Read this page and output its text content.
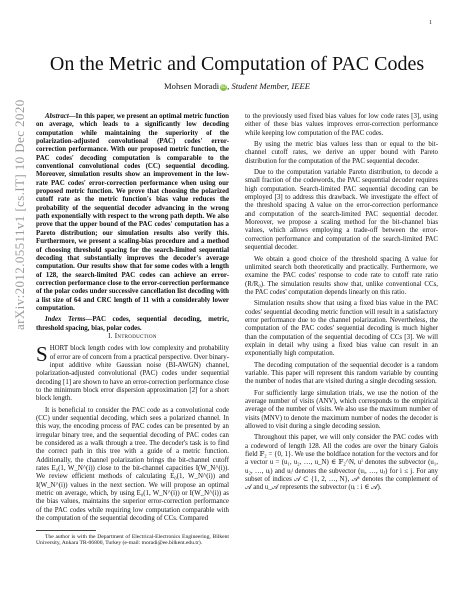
1
arXiv:2012.05511v1 [cs.IT] 10 Dec 2020
On the Metric and Computation of PAC Codes
Mohsen Moradi iD, Student Member, IEEE

Abstract—In this paper, we present an optimal metric function on average, which leads to a significantly low decoding computation while maintaining the superiority of the polarization-adjusted convolutional (PAC) codes' error-correction performance. With our proposed metric function, the PAC codes' decoding computation is comparable to the conventional convolutional codes (CC) sequential decoding. Moreover, simulation results show an improvement in the low-rate PAC codes' error-correction performance when using our proposed metric function. We prove that choosing the polarized cutoff rate as the metric function's bias value reduces the probability of the sequential decoder advancing in the wrong path exponentially with respect to the wrong path depth. We also prove that the upper bound of the PAC codes' computation has a Pareto distribution; our simulation results also verify this. Furthermore, we present a scaling-bias procedure and a method of choosing threshold spacing for the search-limited sequential decoding that substantially improves the decoder's average computation. Our results show that for some codes with a length of 128, the search-limited PAC codes can achieve an error-correction performance close to the error-correction performance of the polar codes under successive cancellation list decoding with a list size of 64 and CRC length of 11 with a considerably lower computation.

Index Terms—PAC codes, sequential decoding, metric, threshold spacing, bias, polar codes.

I. Introduction

SHORT block length codes with low complexity and probability of error are of concern from a practical perspective. Over binary-input additive white Gaussian noise (BI-AWGN) channel, polarization-adjusted convolutional (PAC) codes under sequential decoding [1] are shown to have an error-correction performance close to the minimum block error dispersion approximation [2] for a short block length.

It is beneficial to consider the PAC code as a convolutional code (CC) under sequential decoding, which sees a polarized channel. In this way, the encoding process of PAC codes can be presented by an irregular binary tree, and the sequential decoding of PAC codes can be considered as a walk through a tree. The decoder's task is to find the correct path in this tree with a guide of a metric function. Additionally, the channel polarization brings the bit-channel cutoff rates E₀(1, W_N^(i)) close to the bit-channel capacities I(W_N^(i)). We review efficient methods of calculating E₀(1, W_N^(i)) and I(W_N^(i)) values in the next section. We will propose an optimal metric on average, which, by using E₀(1, W_N^(i)) or I(W_N^(i)) as the bias values, maintains the superior error-correction performance of the PAC codes while requiring low computation comparable with the computation of the sequential decoding of CCs. Compared

The author is with the Department of Electrical-Electronics Engineering, Bilkent University, Ankara TR-06800, Turkey (e-mail: moradi@ee.bilkent.edu.tr).

to the previously used fixed bias values for low code rates [3], using either of these bias values improves error-correction performance while keeping low computation of the PAC codes.

By using the metric bias values less than or equal to the bit-channel cutoff rates, we derive an upper bound with Pareto distribution for the computation of the PAC sequential decoder.

Due to the computation variable Pareto distribution, to decode a small fraction of the codewords, the PAC sequential decoder requires high computation. Search-limited PAC sequential decoding can be employed [3] to address this drawback. We investigate the effect of the threshold spacing Δ value on the error-correction performance and computation of the search-limited PAC sequential decoder. Moreover, we propose a scaling method for the bit-channel bias values, which allows employing a trade-off between the error-correction performance and computation of the search-limited PAC sequential decoder.

We obtain a good choice of the threshold spacing Δ value for unlimited search both theoretically and practically. Furthermore, we examine the PAC codes' response to code rate to cutoff rate ratio (R/R₀). The simulation results show that, unlike conventional CCs, the PAC codes' computation depends linearly on this ratio.

Simulation results show that using a fixed bias value in the PAC codes' sequential decoding metric function will result in a satisfactory error performance due to the channel polarization. Nevertheless, the computation of the PAC codes' sequential decoding is much higher than the computation of the sequential decoding of CCs [3]. We will explain in detail why using a fixed bias value can result in an exponentially high computation.

The decoding computation of the sequential decoder is a random variable. This paper will represent this random variable by counting the number of nodes that are visited during a single decoding session.

For sufficiently large simulation trials, we use the notion of the average number of visits (ANV), which corresponds to the empirical average of the number of visits. We also use the maximum number of visits (MNV) to denote the maximum number of nodes the decoder is allowed to visit during a single decoding session.

Throughout this paper, we will only consider the PAC codes with a codeword of length 128. All the codes are over the binary Galois field 𝔽₂ = {0, 1}. We use the boldface notation for the vectors and for a vector u = (u₁, u₂, …, u_N) ∈ 𝔽₂^N, uⁱ denotes the subvector (u₁, u₂, …, uᵢ) and uᵢʲ denotes the subvector (uᵢ, …, uⱼ) for i ≤ j. For any subset of indices 𝒜 ⊂ {1, 2, …, N}, 𝒜ᶜ denotes the complement of 𝒜 and u_𝒜 represents the subvector (uᵢ : i ∈ 𝒜).
